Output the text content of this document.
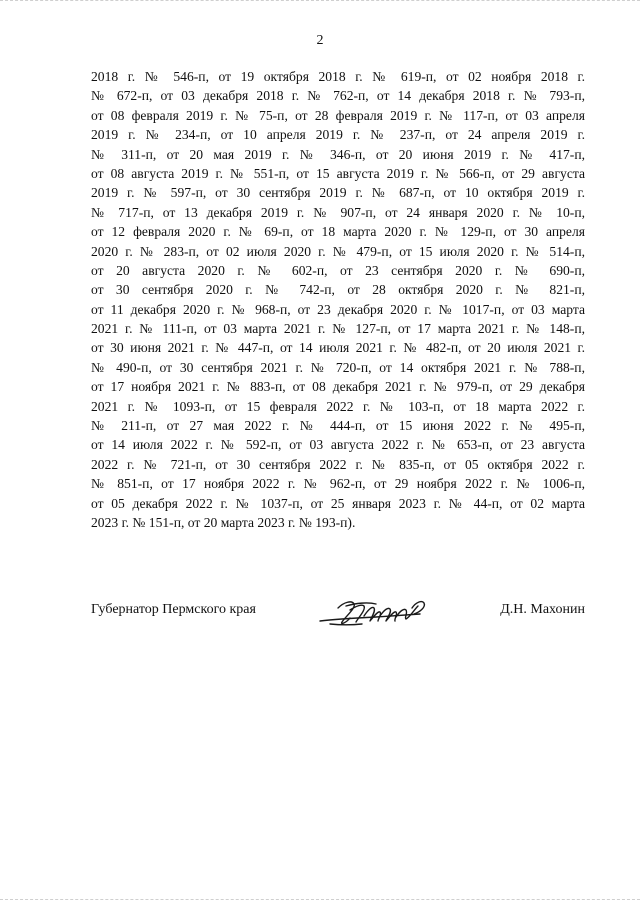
2
2018 г. № 546-п, от 19 октября 2018 г. № 619-п, от 02 ноября 2018 г.
№ 672-п, от 03 декабря 2018 г. № 762-п, от 14 декабря 2018 г. № 793-п,
от 08 февраля 2019 г. № 75-п, от 28 февраля 2019 г. № 117-п, от 03 апреля
2019 г. № 234-п, от 10 апреля 2019 г. № 237-п, от 24 апреля 2019 г.
№ 311-п, от 20 мая 2019 г. № 346-п, от 20 июня 2019 г. № 417-п,
от 08 августа 2019 г. № 551-п, от 15 августа 2019 г. № 566-п, от 29 августа
2019 г. № 597-п, от 30 сентября 2019 г. № 687-п, от 10 октября 2019 г.
№ 717-п, от 13 декабря 2019 г. № 907-п, от 24 января 2020 г. № 10-п,
от 12 февраля 2020 г. № 69-п, от 18 марта 2020 г. № 129-п, от 30 апреля
2020 г. № 283-п, от 02 июля 2020 г. № 479-п, от 15 июля 2020 г. № 514-п,
от 20 августа 2020 г. № 602-п, от 23 сентября 2020 г. № 690-п,
от 30 сентября 2020 г. № 742-п, от 28 октября 2020 г. № 821-п,
от 11 декабря 2020 г. № 968-п, от 23 декабря 2020 г. № 1017-п, от 03 марта
2021 г. № 111-п, от 03 марта 2021 г. № 127-п, от 17 марта 2021 г. № 148-п,
от 30 июня 2021 г. № 447-п, от 14 июля 2021 г. № 482-п, от 20 июля 2021 г.
№ 490-п, от 30 сентября 2021 г. № 720-п, от 14 октября 2021 г. № 788-п,
от 17 ноября 2021 г. № 883-п, от 08 декабря 2021 г. № 979-п, от 29 декабря
2021 г. № 1093-п, от 15 февраля 2022 г. № 103-п, от 18 марта 2022 г.
№ 211-п, от 27 мая 2022 г. № 444-п, от 15 июня 2022 г. № 495-п,
от 14 июля 2022 г. № 592-п, от 03 августа 2022 г. № 653-п, от 23 августа
2022 г. № 721-п, от 30 сентября 2022 г. № 835-п, от 05 октября 2022 г.
№ 851-п, от 17 ноября 2022 г. № 962-п, от 29 ноября 2022 г. № 1006-п,
от 05 декабря 2022 г. № 1037-п, от 25 января 2023 г. № 44-п, от 02 марта
2023 г. № 151-п, от 20 марта 2023 г. № 193-п).
Губернатор Пермского края	Д.Н. Махонин
